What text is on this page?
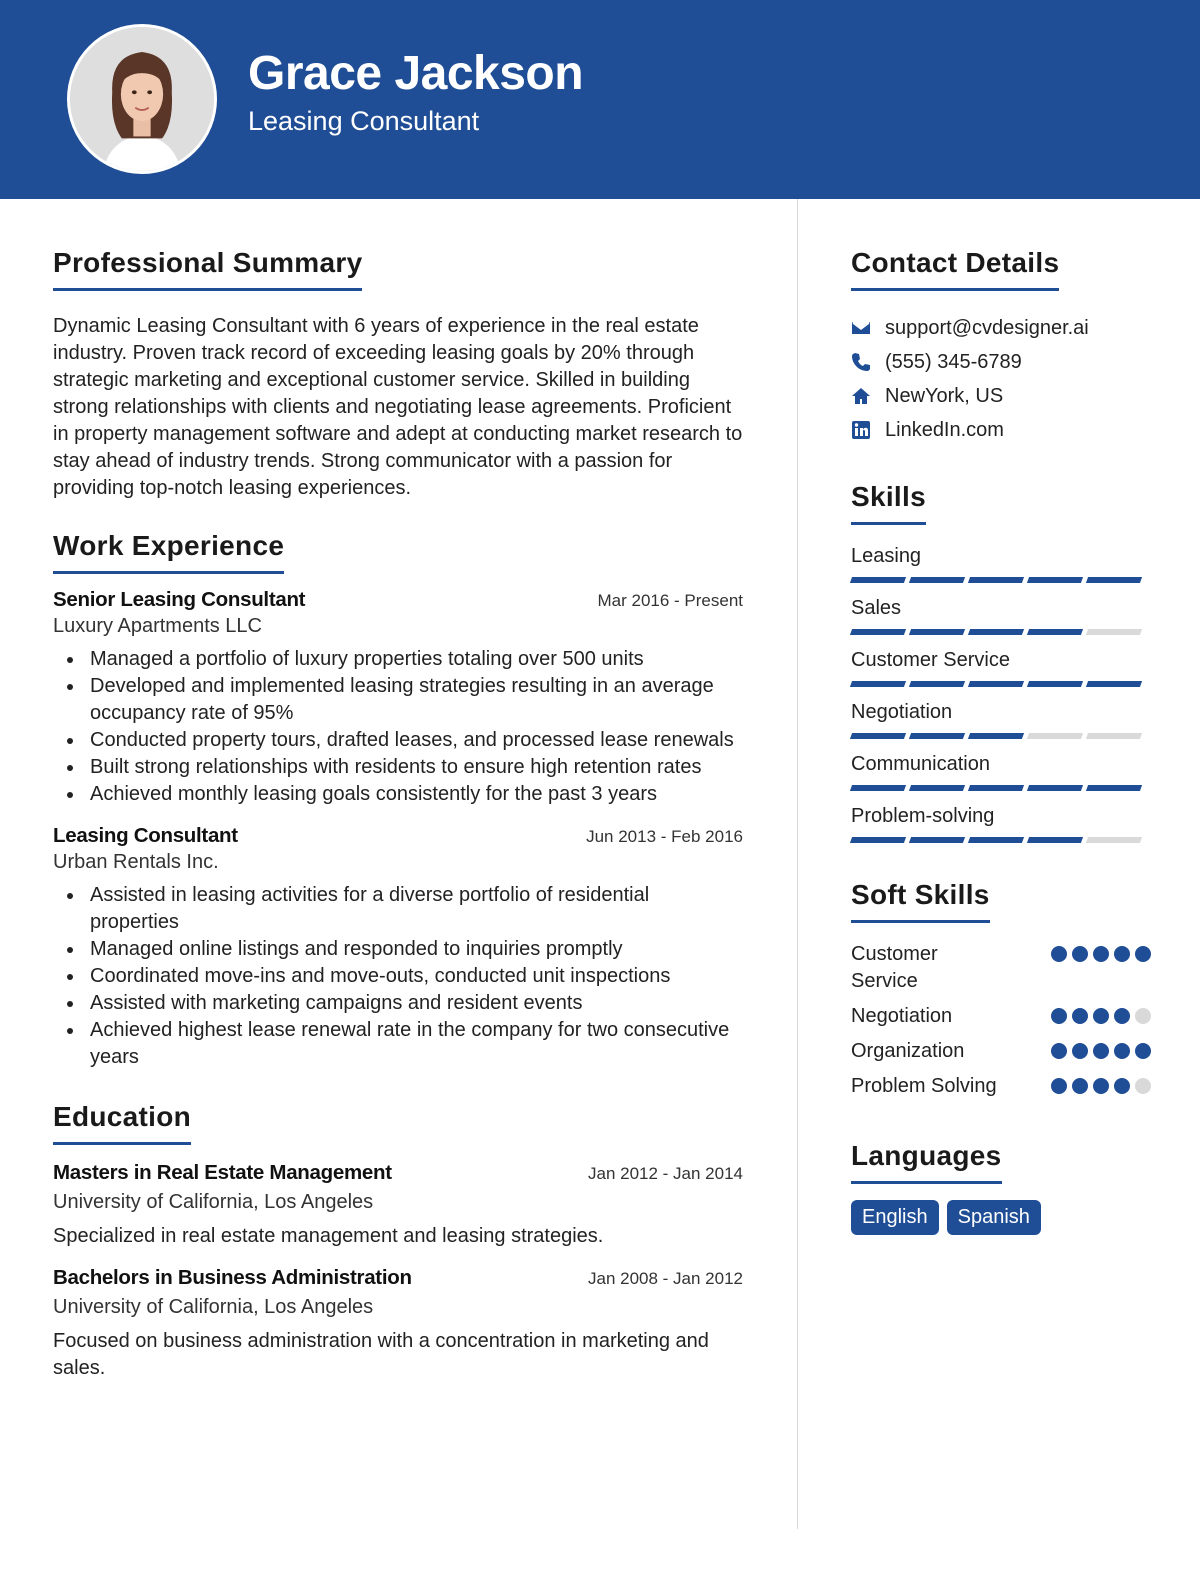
Grace Jackson
Leasing Consultant
Professional Summary
Dynamic Leasing Consultant with 6 years of experience in the real estate industry. Proven track record of exceeding leasing goals by 20% through strategic marketing and exceptional customer service. Skilled in building strong relationships with clients and negotiating lease agreements. Proficient in property management software and adept at conducting market research to stay ahead of industry trends. Strong communicator with a passion for providing top-notch leasing experiences.
Work Experience
Senior Leasing Consultant	Mar 2016 - Present
Luxury Apartments LLC
Managed a portfolio of luxury properties totaling over 500 units
Developed and implemented leasing strategies resulting in an average occupancy rate of 95%
Conducted property tours, drafted leases, and processed lease renewals
Built strong relationships with residents to ensure high retention rates
Achieved monthly leasing goals consistently for the past 3 years
Leasing Consultant	Jun 2013 - Feb 2016
Urban Rentals Inc.
Assisted in leasing activities for a diverse portfolio of residential properties
Managed online listings and responded to inquiries promptly
Coordinated move-ins and move-outs, conducted unit inspections
Assisted with marketing campaigns and resident events
Achieved highest lease renewal rate in the company for two consecutive years
Education
Masters in Real Estate Management	Jan 2012 - Jan 2014
University of California, Los Angeles
Specialized in real estate management and leasing strategies.
Bachelors in Business Administration	Jan 2008 - Jan 2012
University of California, Los Angeles
Focused on business administration with a concentration in marketing and sales.
Contact Details
support@cvdesigner.ai
(555) 345-6789
NewYork, US
LinkedIn.com
Skills
Leasing
Sales
Customer Service
Negotiation
Communication
Problem-solving
Soft Skills
Customer Service
Negotiation
Organization
Problem Solving
Languages
English	Spanish
